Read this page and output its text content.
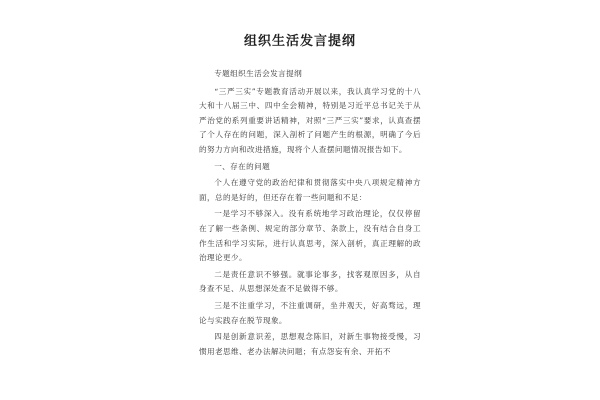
组织生活发言提纲

专题组织生活会发言提纲

“三严三实”专题教育活动开展以来，我认真学习党的十八大和十八届三中、四中全会精神，特别是习近平总书记关于从严治党的系列重要讲话精神，对照“三严三实”要求，认真查摆了个人存在的问题，深入剖析了问题产生的根源，明确了今后的努力方向和改进措施，现将个人查摆问题情况报告如下。

一、存在的问题

个人在遵守党的政治纪律和贯彻落实中央八项规定精神方面，总的是好的，但还存在着一些问题和不足：

一是学习不够深入。没有系统地学习政治理论，仅仅停留在了解一些条例、规定的部分章节、条款上，没有结合自身工作生活和学习实际，进行认真思考，深入剖析，真正理解的政治理论更少。

二是责任意识不够强。就事论事多，找客观原因多，从自身查不足、从思想深处查不足做得不够。

三是不注重学习，不注重调研，坐井观天，好高骛远，理论与实践存在脱节现象。

四是创新意识差，思想观念陈旧，对新生事物接受慢，习惯用老思维、老办法解决问题；有点怨妄有余、开拓不
